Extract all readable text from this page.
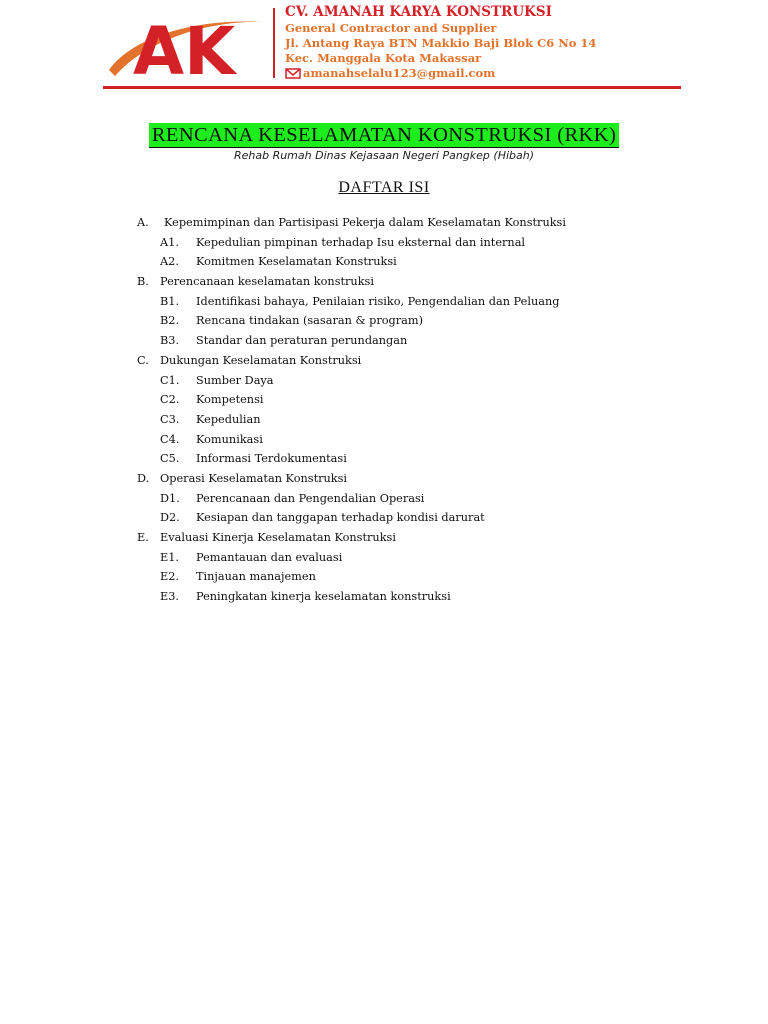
AK
CV. AMANAH KARYA KONSTRUKSI
General Contractor and Supplier
Jl. Antang Raya BTN Makkio Baji Blok C6 No 14
Kec. Manggala Kota Makassar
amanahselalu123@gmail.com
RENCANA KESELAMATAN KONSTRUKSI (RKK)
Rehab Rumah Dinas Kejasaan Negeri Pangkep (Hibah)
DAFTAR ISI
A. Kepemimpinan dan Partisipasi Pekerja dalam Keselamatan Konstruksi
A1. Kepedulian pimpinan terhadap Isu eksternal dan internal
A2. Komitmen Keselamatan Konstruksi
B. Perencanaan keselamatan konstruksi
B1. Identifikasi bahaya, Penilaian risiko, Pengendalian dan Peluang
B2. Rencana tindakan (sasaran & program)
B3. Standar dan peraturan perundangan
C. Dukungan Keselamatan Konstruksi
C1. Sumber Daya
C2. Kompetensi
C3. Kepedulian
C4. Komunikasi
C5. Informasi Terdokumentasi
D. Operasi Keselamatan Konstruksi
D1. Perencanaan dan Pengendalian Operasi
D2. Kesiapan dan tanggapan terhadap kondisi darurat
E. Evaluasi Kinerja Keselamatan Konstruksi
E1. Pemantauan dan evaluasi
E2. Tinjauan manajemen
E3. Peningkatan kinerja keselamatan konstruksi
